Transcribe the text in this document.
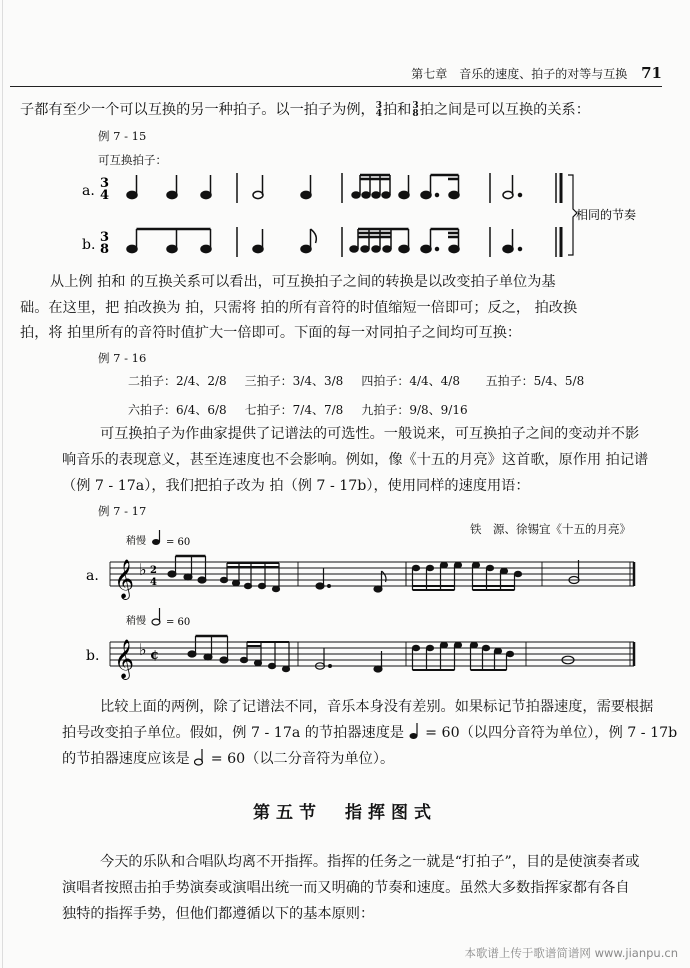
第七章　音乐的速度、拍子的对等与互换 71
子都有至少一个可以互换的另一种拍子。以一拍子为例， 3
4 拍和 3
8 拍之间是可以互换的关系：
例 7 - 15
可互换拍子：
a. 3
4
b. 3
8
相同的节奏
从上例 拍和 的互换关系可以看出，可互换拍子之间的转换是以改变拍子单位为基
础。在这里，把 拍改换为 拍，只需将 拍的所有音符的时值缩短一倍即可；反之， 拍改换
拍，将 拍里所有的音符时值扩大一倍即可。下面的每一对同拍子之间均可互换：
例 7 - 16
二拍子：2/4、2/8	三拍子：3/4、3/8	四拍子：4/4、4/8	五拍子：5/4、5/8
六拍子：6/4、6/8	七拍子：7/4、7/8	九拍子：9/8、9/16	
可互换拍子为作曲家提供了记谱法的可选性。一般说来，可互换拍子之间的变动并不影
响音乐的表现意义，甚至连速度也不会影响。例如，像《十五的月亮》这首歌，原作用 拍记谱
（例 7 - 17a），我们把拍子改为 拍（例 7 - 17b），使用同样的速度用语：
例 7 - 17
铁　源、徐锡宜《十五的月亮》
稍慢 = 60
a. 𝄞 ♭ 2
4
稍慢 = 60
b. 𝄞 ♭ ¢
比较上面的两例，除了记谱法不同，音乐本身没有差别。如果标记节拍器速度，需要根据
拍号改变拍子单位。假如，例 7 - 17a 的节拍器速度是 = 60（以四分音符为单位），例 7 - 17b
的节拍器速度应该是 = 60（以二分音符为单位）。
第五节　指挥图式
今天的乐队和合唱队均离不开指挥。指挥的任务之一就是“打拍子”，目的是使演奏者或
演唱者按照击拍手势演奏或演唱出统一而又明确的节奏和速度。虽然大多数指挥家都有各自
独特的指挥手势，但他们都遵循以下的基本原则：
本歌谱上传于歌谱简谱网 www.jianpu.cn
